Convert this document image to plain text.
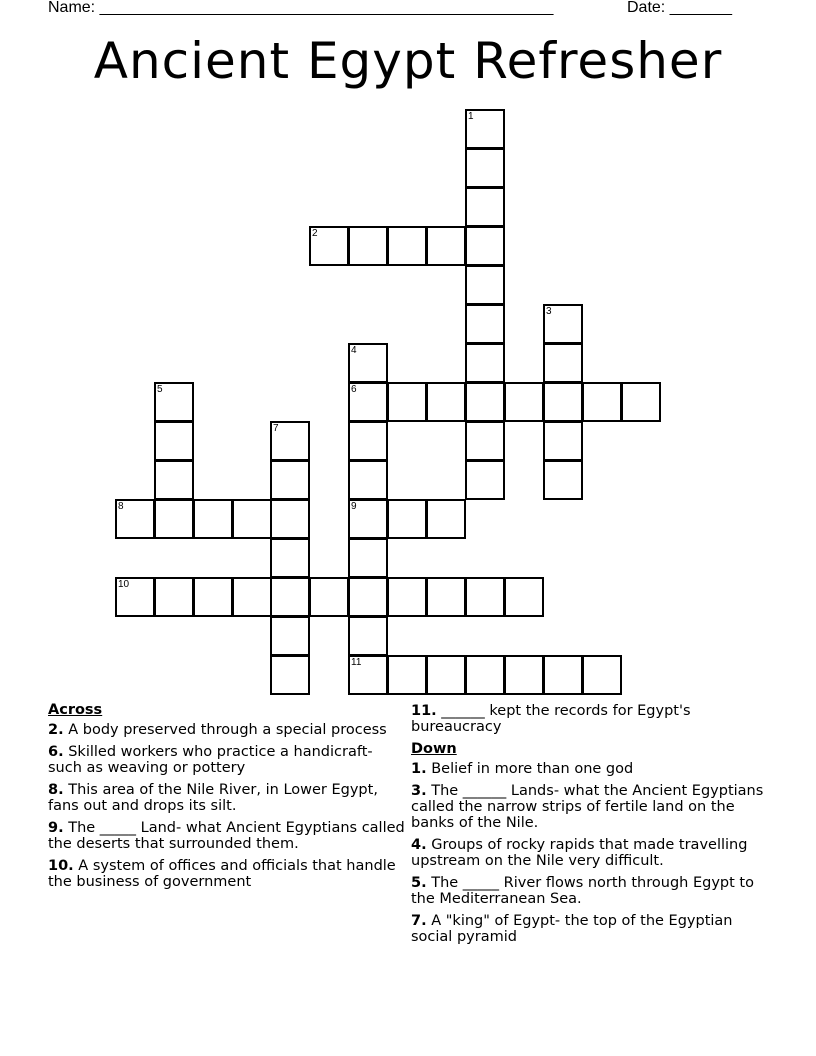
Name: ___________________________________________________	Date: _______
Ancient Egypt Refresher
1
2
3
4
6
9
11
5
7
8
10
Across
2. A body preserved through a special process
6. Skilled workers who practice a handicraft- such as weaving or pottery
8. This area of the Nile River, in Lower Egypt, fans out and drops its silt.
9. The _____ Land- what Ancient Egyptians called the deserts that surrounded them.
10. A system of offices and officials that handle the business of government
11. ______ kept the records for Egypt's bureaucracy
Down
1. Belief in more than one god
3. The ______ Lands- what the Ancient Egyptians called the narrow strips of fertile land on the banks of the Nile.
4. Groups of rocky rapids that made travelling upstream on the Nile very difficult.
5. The _____ River flows north through Egypt to the Mediterranean Sea.
7. A "king" of Egypt- the top of the Egyptian social pyramid
